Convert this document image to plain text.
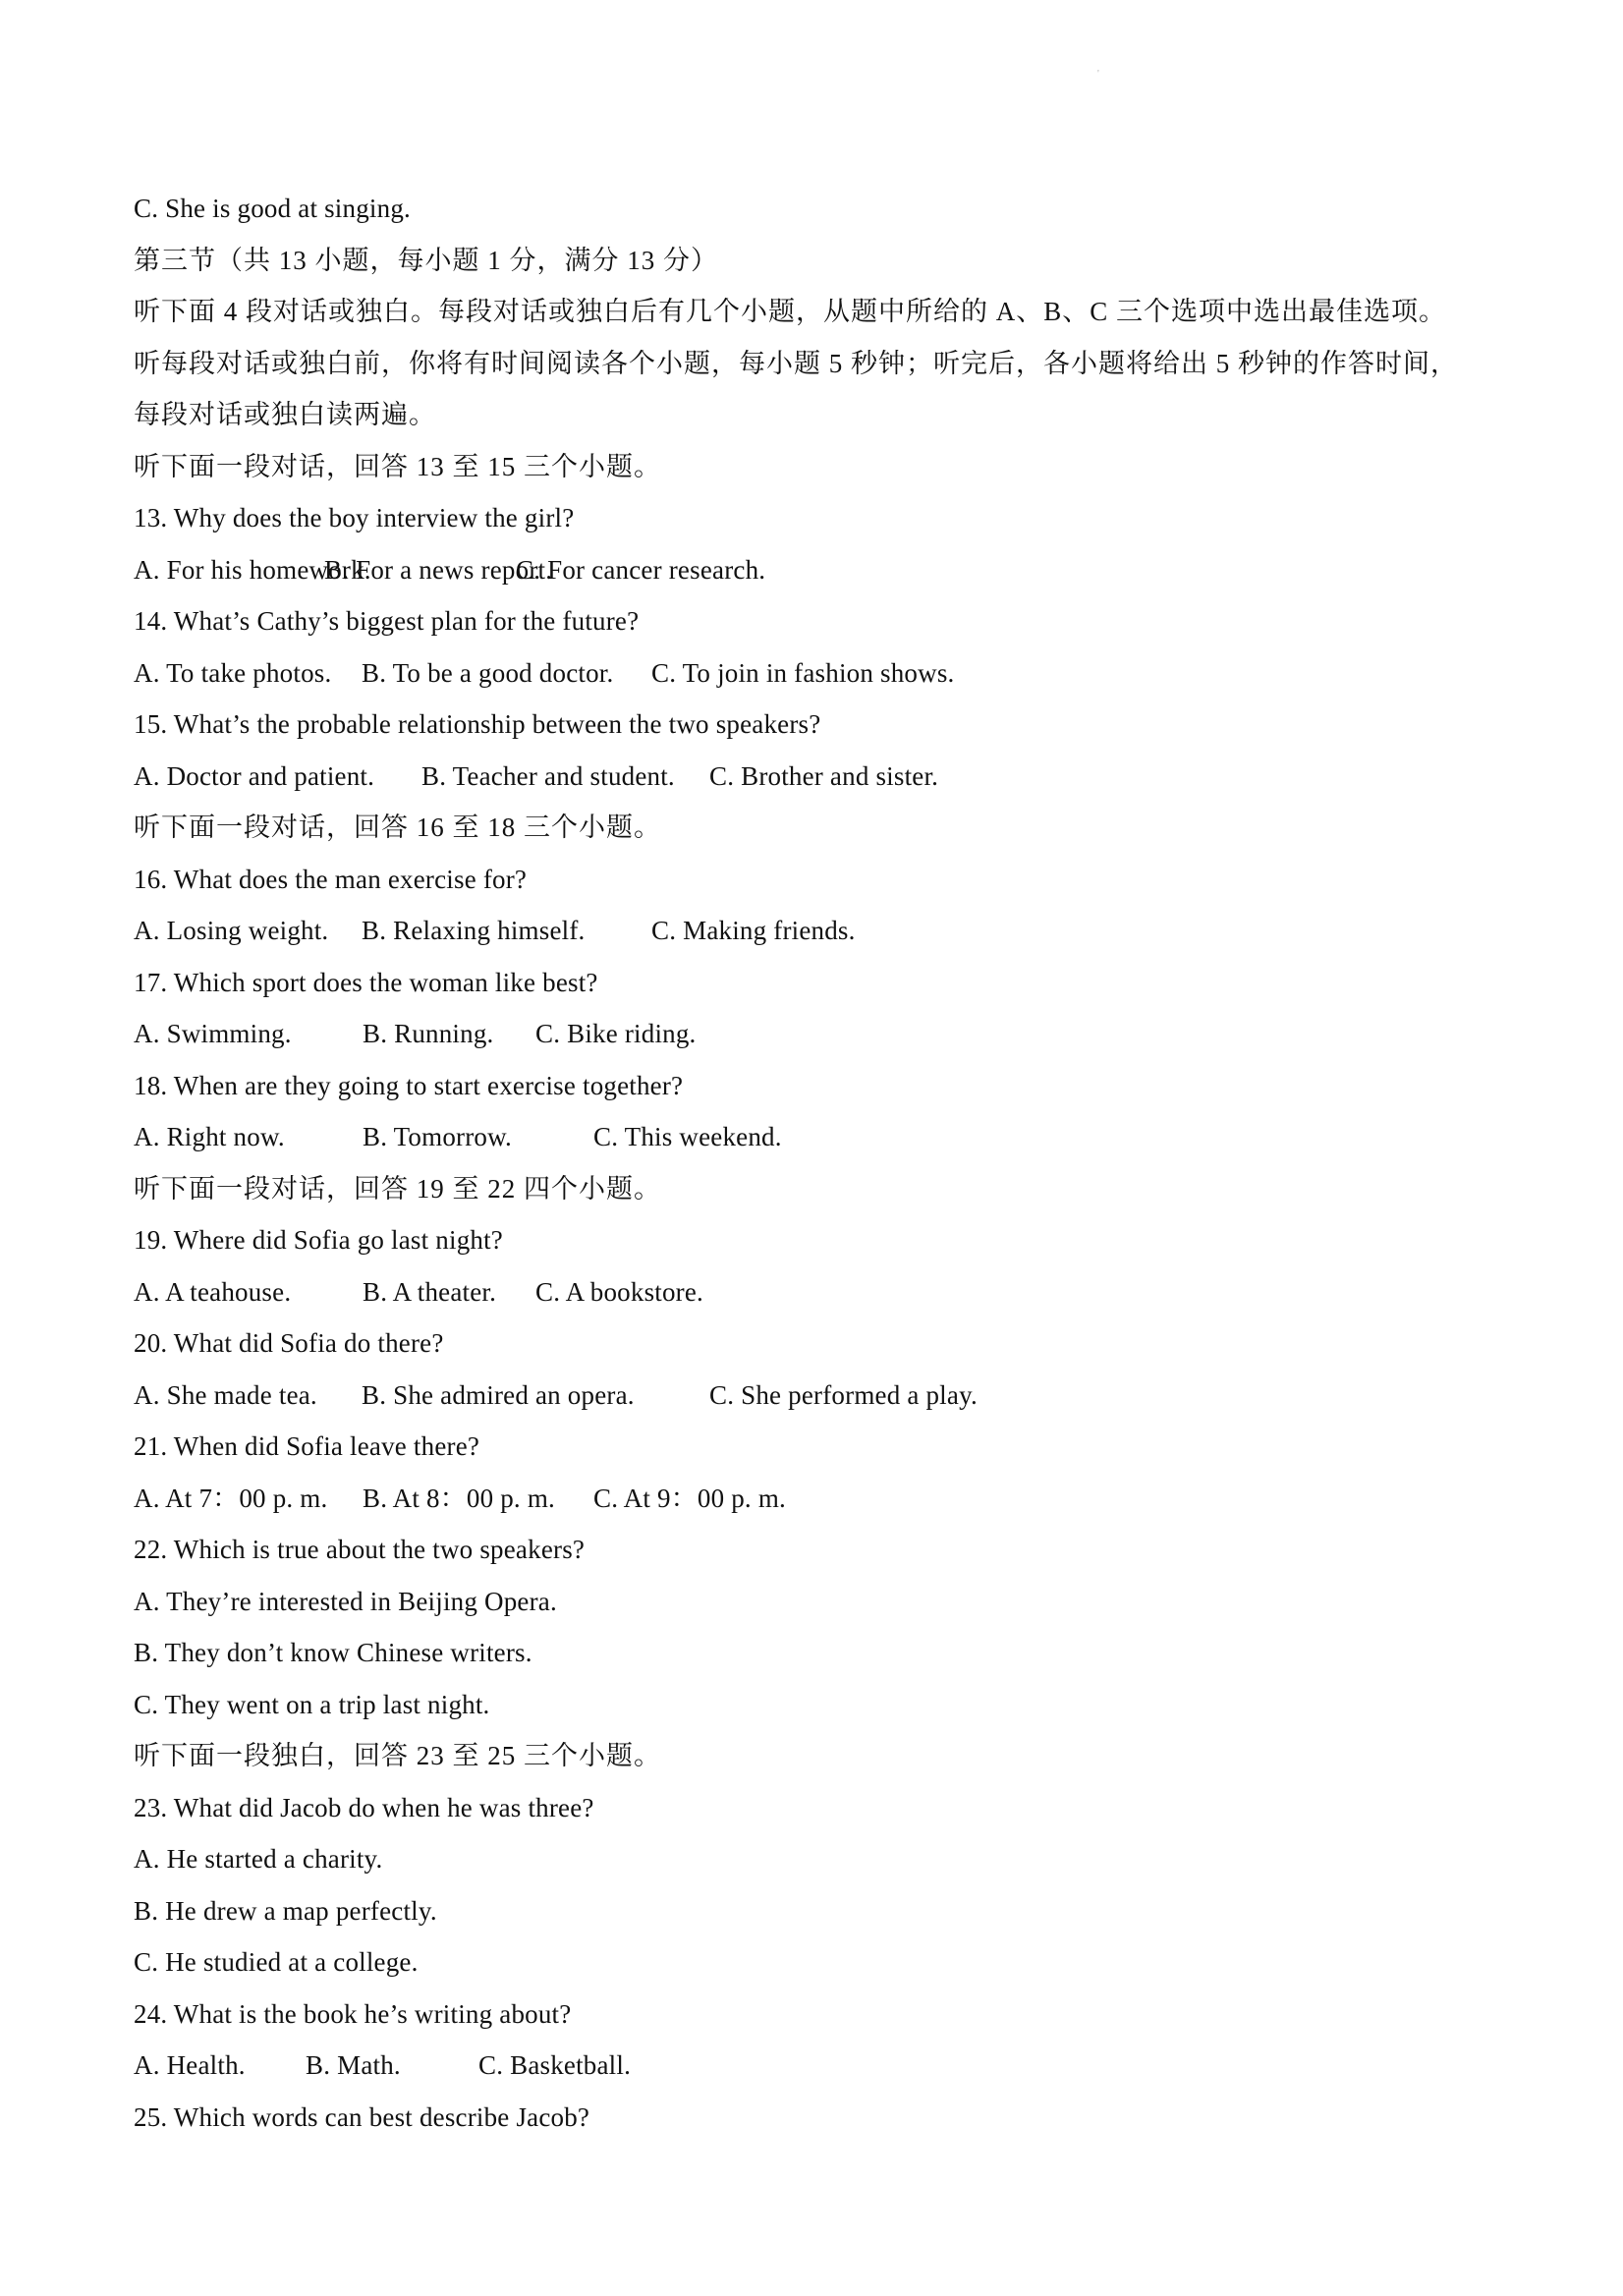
'
C. She is good at singing.
第三节（共 13 小题，每小题 1 分，满分 13 分）
听下面 4 段对话或独白。每段对话或独白后有几个小题，从题中所给的 A、B、C 三个选项中选出最佳选项。
听每段对话或独白前，你将有时间阅读各个小题，每小题 5 秒钟；听完后，各小题将给出 5 秒钟的作答时间，
每段对话或独白读两遍。
听下面一段对话，回答 13 至 15 三个小题。
13. Why does the boy interview the girl?
A. For his homework.
B. For a news report.
C. For cancer research.
14. What’s Cathy’s biggest plan for the future?
A. To take photos.	B. To be a good doctor.	C. To join in fashion shows.
15. What’s the probable relationship between the two speakers?
A. Doctor and patient.	B. Teacher and student.	C. Brother and sister.
听下面一段对话，回答 16 至 18 三个小题。
16. What does the man exercise for?
A. Losing weight.	B. Relaxing himself.	C. Making friends.
17. Which sport does the woman like best?
A. Swimming.	B. Running.	C. Bike riding.
18. When are they going to start exercise together?
A. Right now.	B. Tomorrow.	C. This weekend.
听下面一段对话，回答 19 至 22 四个小题。
19. Where did Sofia go last night?
A. A teahouse.	B. A theater.	C. A bookstore.
20. What did Sofia do there?
A. She made tea.	B. She admired an opera.	C. She performed a play.
21. When did Sofia leave there?
A. At 7：00 p. m.	B. At 8：00 p. m.	C. At 9：00 p. m.
22. Which is true about the two speakers?
A. They’re interested in Beijing Opera.
B. They don’t know Chinese writers.
C. They went on a trip last night.
听下面一段独白，回答 23 至 25 三个小题。
23. What did Jacob do when he was three?
A. He started a charity.
B. He drew a map perfectly.
C. He studied at a college.
24. What is the book he’s writing about?
A. Health.	B. Math.	C. Basketball.
25. Which words can best describe Jacob?
